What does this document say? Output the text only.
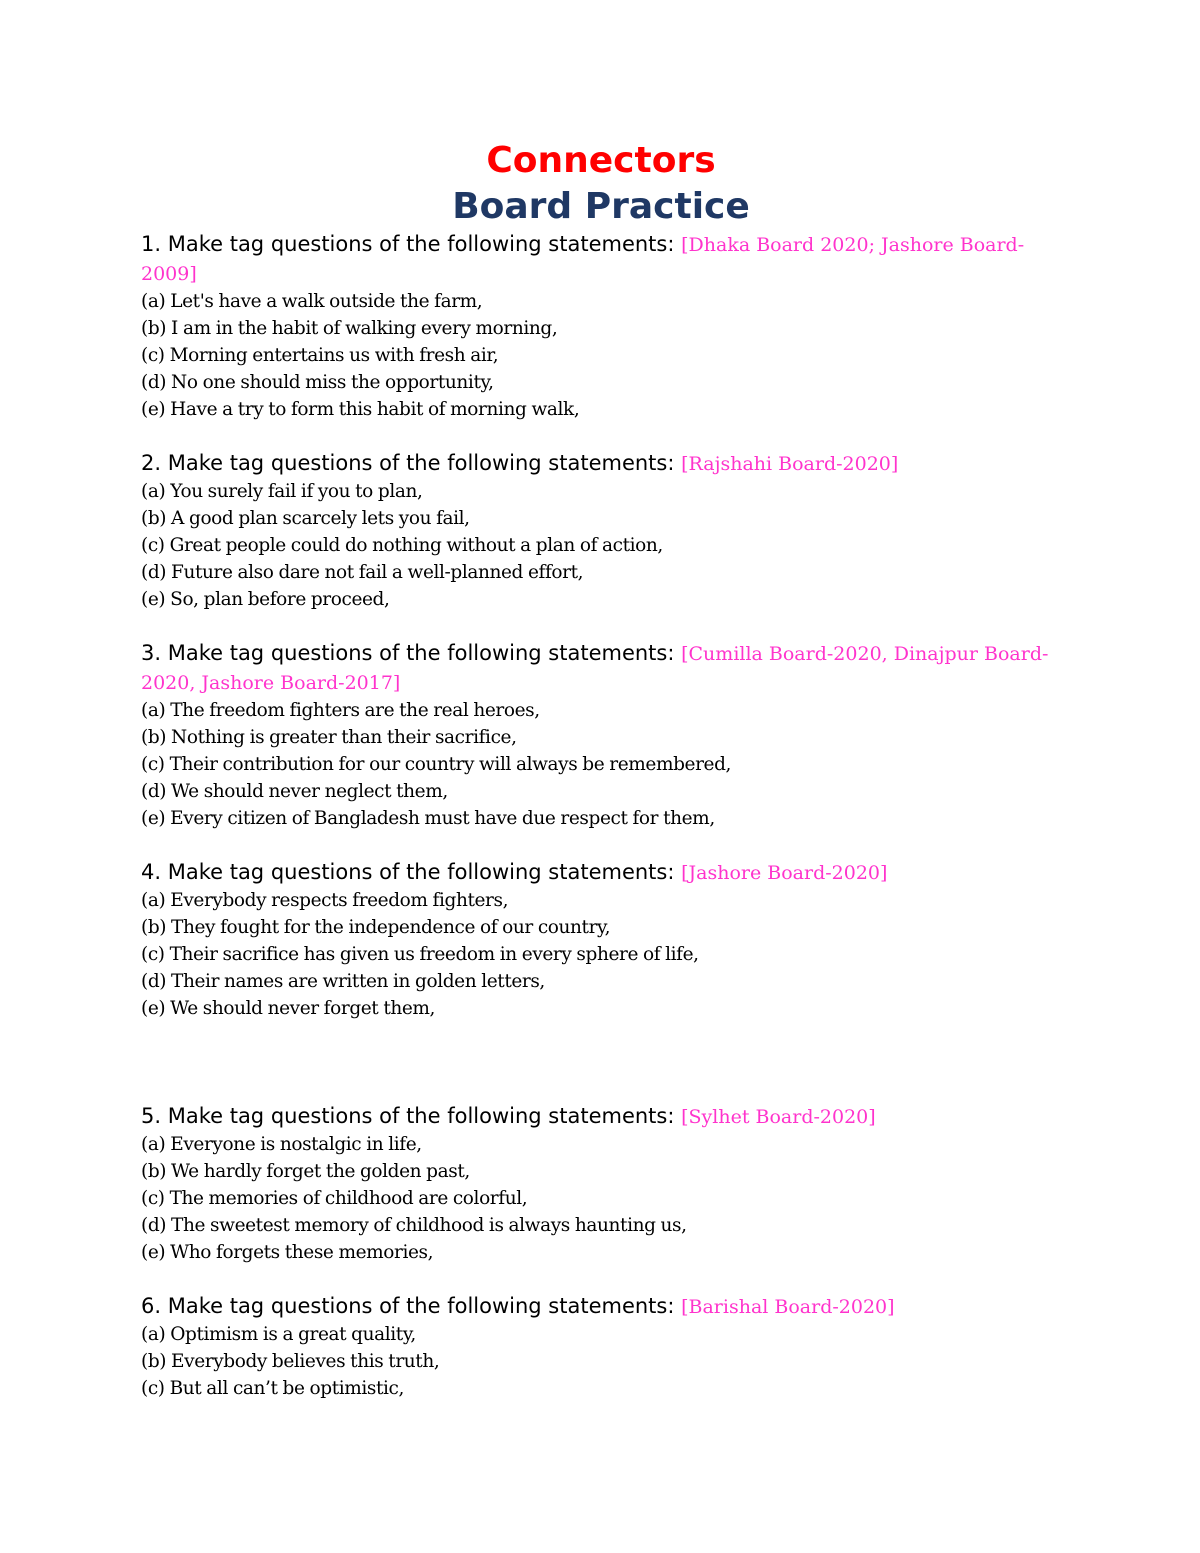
Connectors
Board Practice

1. Make tag questions of the following statements: [Dhaka Board 2020; Jashore Board-2009]

(a) Let's have a walk outside the farm,
(b) I am in the habit of walking every morning,
(c) Morning entertains us with fresh air,
(d) No one should miss the opportunity,
(e) Have a try to form this habit of morning walk,

2. Make tag questions of the following statements: [Rajshahi Board-2020]

(a) You surely fail if you to plan,
(b) A good plan scarcely lets you fail,
(c) Great people could do nothing without a plan of action,
(d) Future also dare not fail a well-planned effort,
(e) So, plan before proceed,

3. Make tag questions of the following statements: [Cumilla Board-2020, Dinajpur Board-2020, Jashore Board-2017]

(a) The freedom fighters are the real heroes,
(b) Nothing is greater than their sacrifice,
(c) Their contribution for our country will always be remembered,
(d) We should never neglect them,
(e) Every citizen of Bangladesh must have due respect for them,

4. Make tag questions of the following statements: [Jashore Board-2020]

(a) Everybody respects freedom fighters,
(b) They fought for the independence of our country,
(c) Their sacrifice has given us freedom in every sphere of life,
(d) Their names are written in golden letters,
(e) We should never forget them,

5. Make tag questions of the following statements: [Sylhet Board-2020]

(a) Everyone is nostalgic in life,
(b) We hardly forget the golden past,
(c) The memories of childhood are colorful,
(d) The sweetest memory of childhood is always haunting us,
(e) Who forgets these memories,

6. Make tag questions of the following statements: [Barishal Board-2020]

(a) Optimism is a great quality,
(b) Everybody believes this truth,
(c) But all can’t be optimistic,
